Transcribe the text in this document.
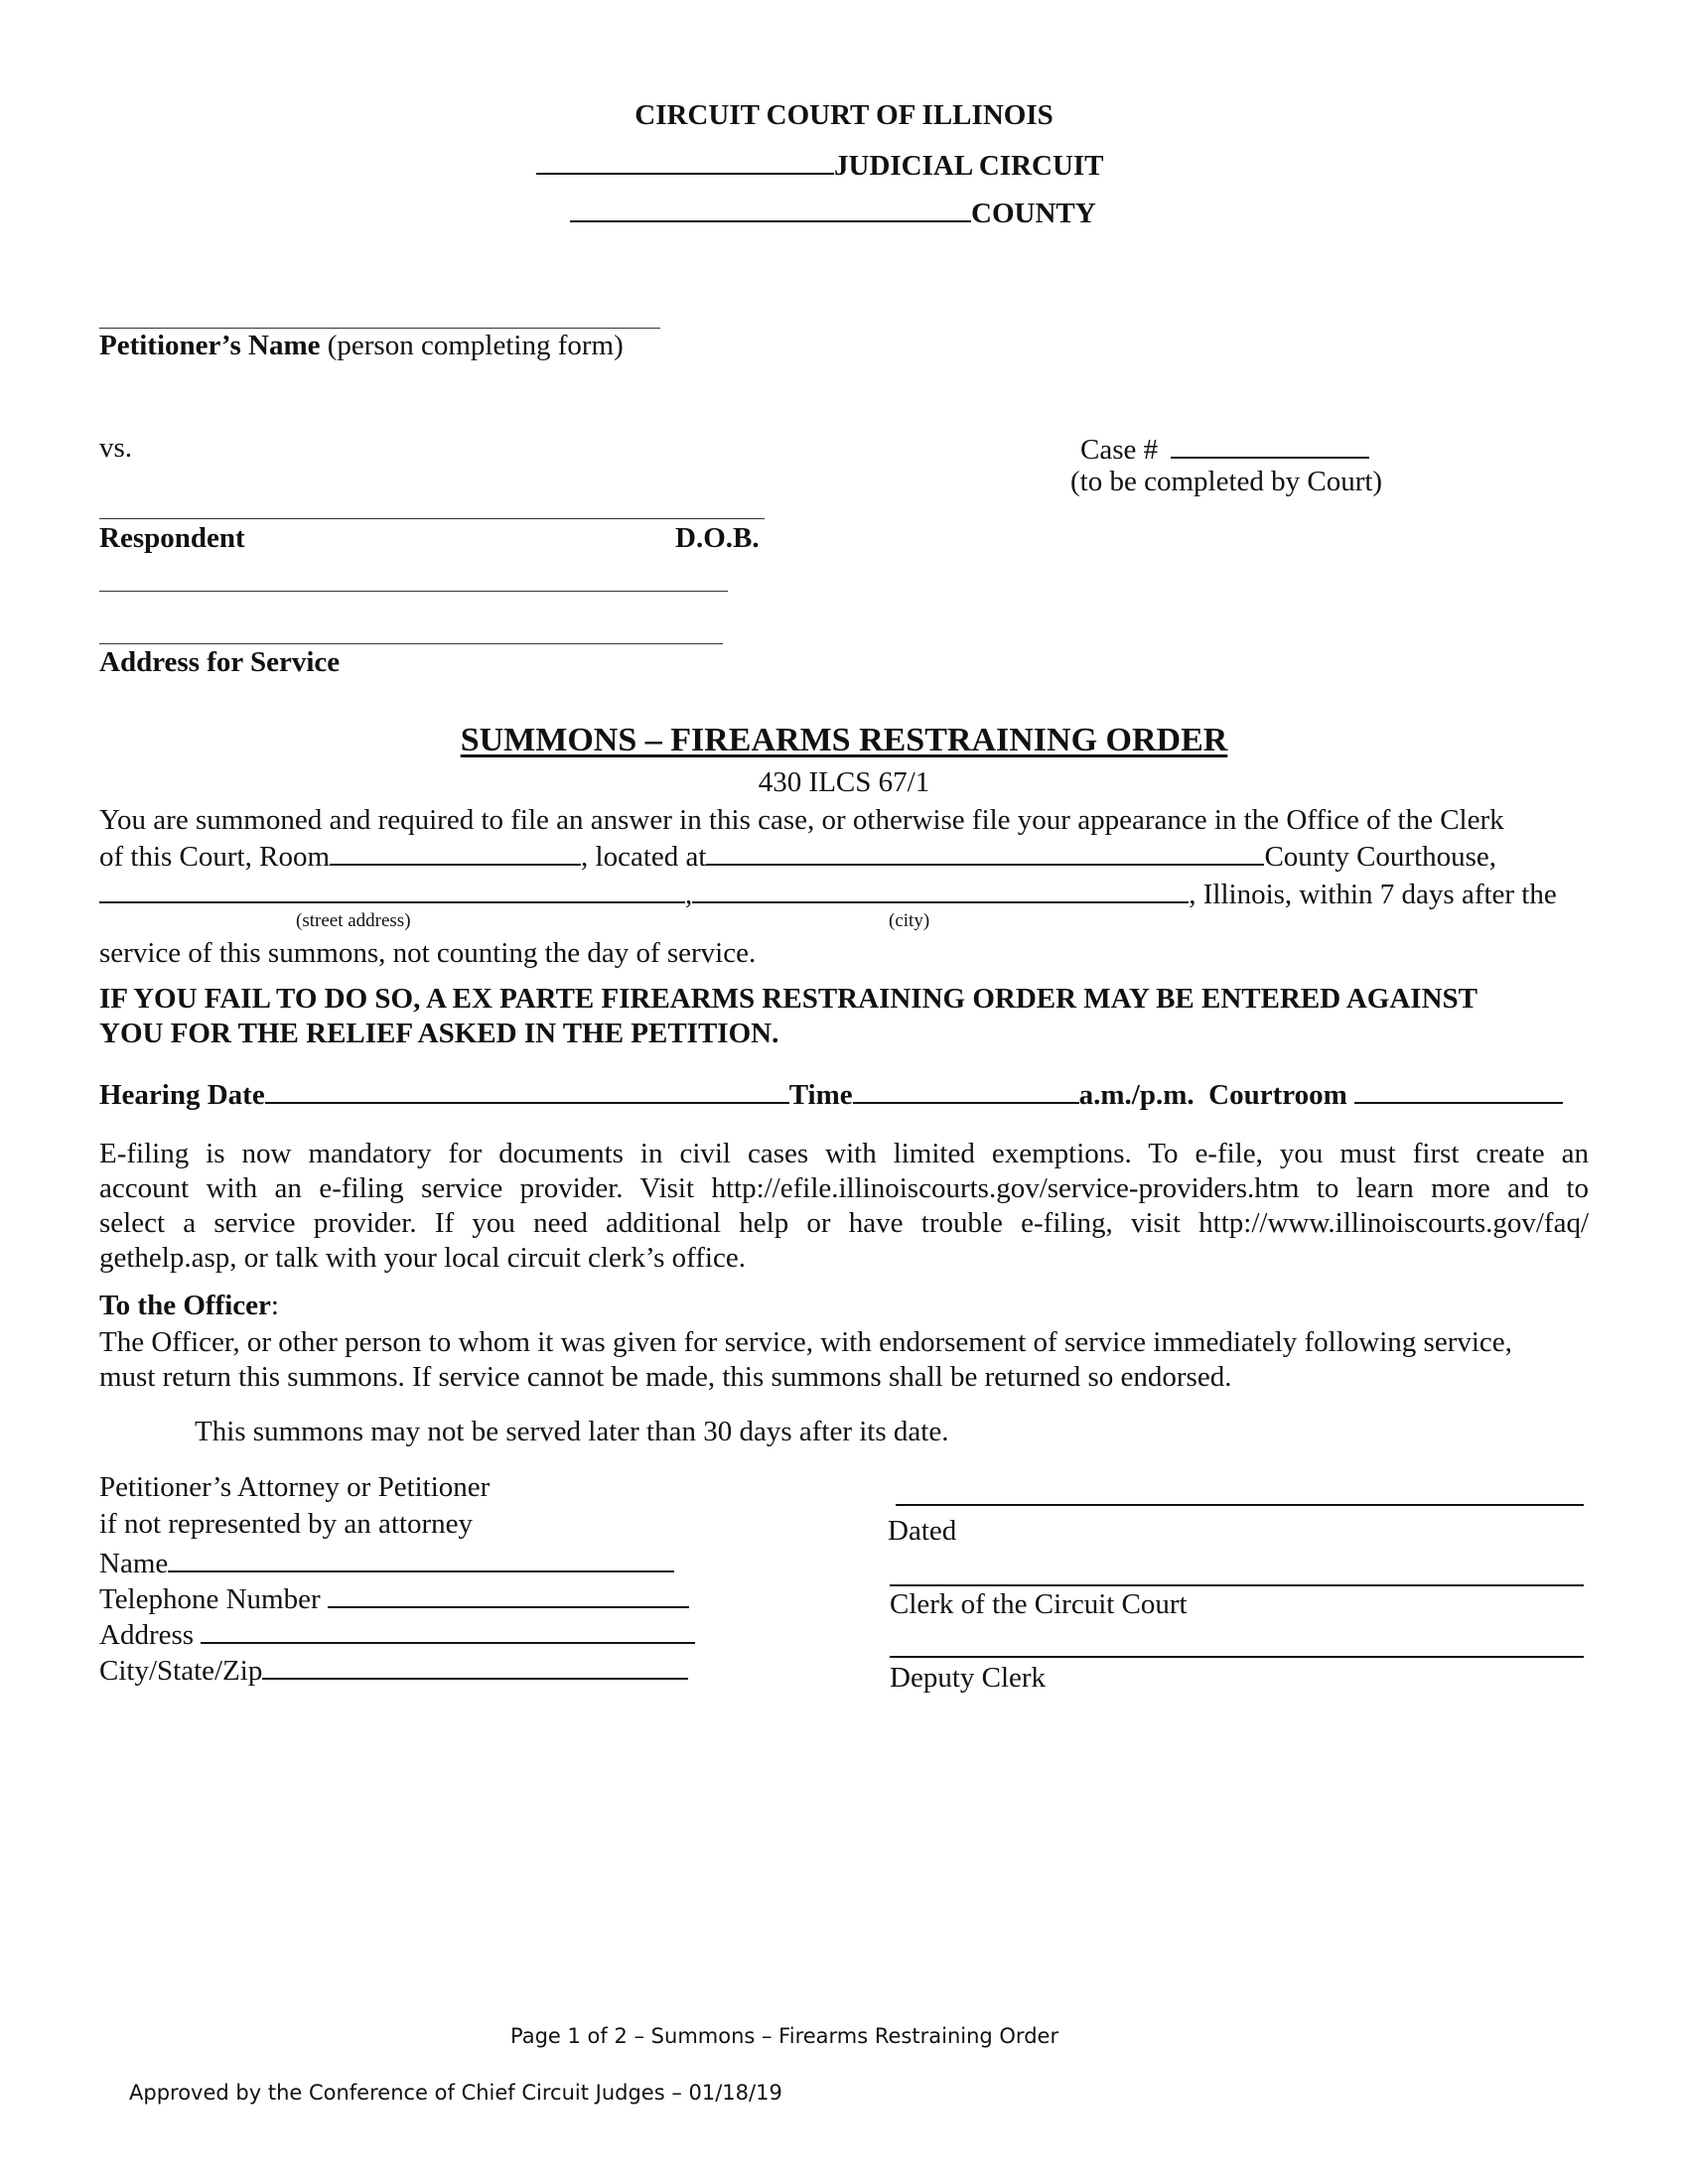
CIRCUIT COURT OF ILLINOIS
JUDICIAL CIRCUIT
COUNTY
Petitioner’s Name (person completing form)
vs.	Case #
(to be completed by Court)
Respondent	D.O.B.
Address for Service
SUMMONS – FIREARMS RESTRAINING ORDER
430 ILCS 67/1
You are summoned and required to file an answer in this case, or otherwise file your appearance in the Office of the Clerk
of this Court, Room	, located at	County Courthouse,
,	, Illinois, within 7 days after the
(street address)	(city)
service of this summons, not counting the day of service.
IF YOU FAIL TO DO SO, A EX PARTE FIREARMS RESTRAINING ORDER MAY BE ENTERED AGAINST
YOU FOR THE RELIEF ASKED IN THE PETITION.
Hearing Date	Time	a.m./p.m. Courtroom
E-filing is now mandatory for documents in civil cases with limited exemptions. To e-file, you must first create an
account with an e-filing service provider. Visit http://efile.illinoiscourts.gov/service-providers.htm to learn more and to
select a service provider. If you need additional help or have trouble e-filing, visit http://www.illinoiscourts.gov/faq/
gethelp.asp, or talk with your local circuit clerk’s office.
To the Officer:
The Officer, or other person to whom it was given for service, with endorsement of service immediately following service,
must return this summons. If service cannot be made, this summons shall be returned so endorsed.
This summons may not be served later than 30 days after its date.
Petitioner’s Attorney or Petitioner
if not represented by an attorney
Name
Telephone Number
Address
City/State/Zip
Dated
Clerk of the Circuit Court
Deputy Clerk
Page 1 of 2 – Summons – Firearms Restraining Order
Approved by the Conference of Chief Circuit Judges – 01/18/19
